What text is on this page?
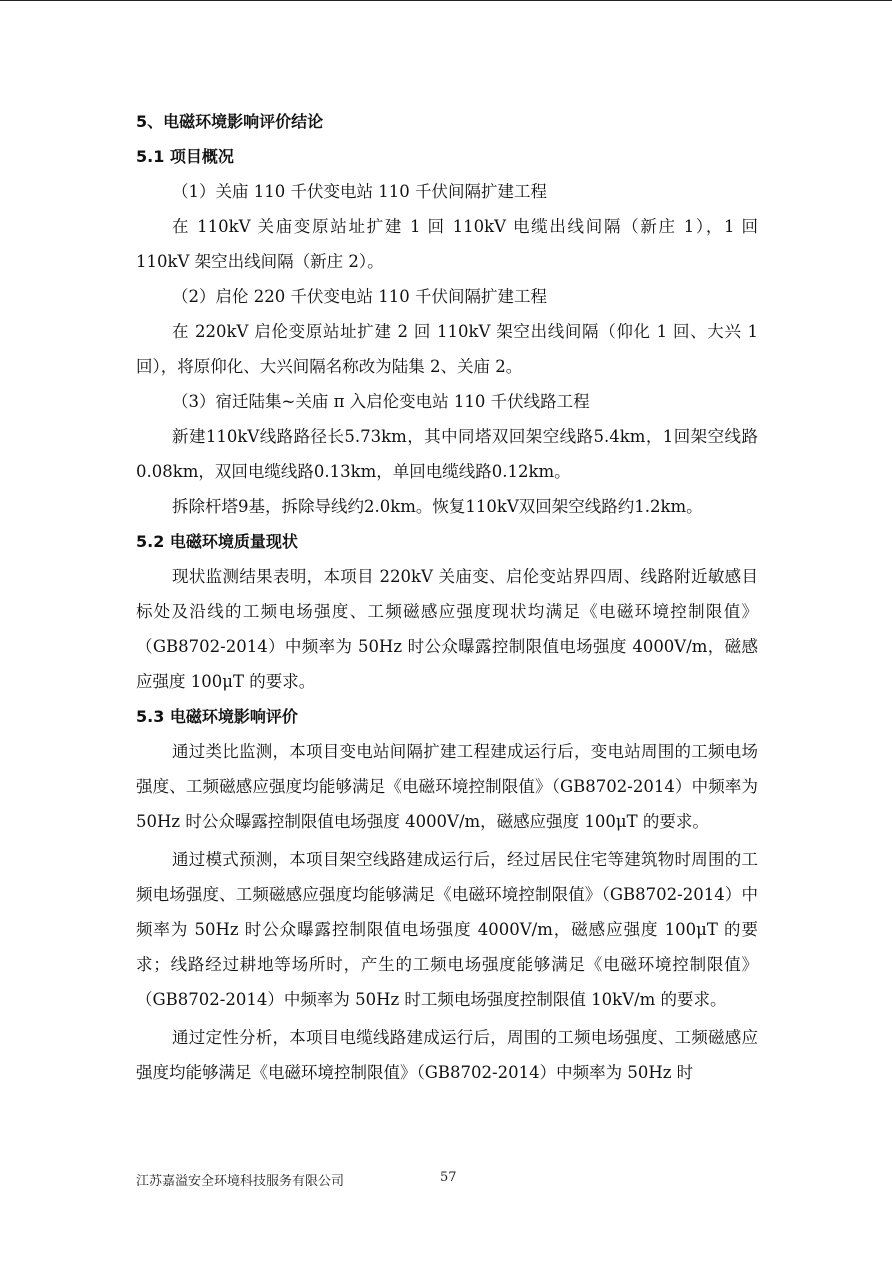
5、电磁环境影响评价结论

5.1 项目概况

（1）关庙 110 千伏变电站 110 千伏间隔扩建工程

在 110kV 关庙变原站址扩建 1 回 110kV 电缆出线间隔（新庄 1），1 回 110kV 架空出线间隔（新庄 2）。

（2）启伦 220 千伏变电站 110 千伏间隔扩建工程

在 220kV 启伦变原站址扩建 2 回 110kV 架空出线间隔（仰化 1 回、大兴 1 回），将原仰化、大兴间隔名称改为陆集 2、关庙 2。

（3）宿迁陆集~关庙 π 入启伦变电站 110 千伏线路工程

新建110kV线路路径长5.73km，其中同塔双回架空线路5.4km，1回架空线路0.08km，双回电缆线路0.13km，单回电缆线路0.12km。

拆除杆塔9基，拆除导线约2.0km。恢复110kV双回架空线路约1.2km。

5.2 电磁环境质量现状

现状监测结果表明，本项目 220kV 关庙变、启伦变站界四周、线路附近敏感目标处及沿线的工频电场强度、工频磁感应强度现状均满足《电磁环境控制限值》（GB8702-2014）中频率为 50Hz 时公众曝露控制限值电场强度 4000V/m，磁感应强度 100μT 的要求。

5.3 电磁环境影响评价

通过类比监测，本项目变电站间隔扩建工程建成运行后，变电站周围的工频电场强度、工频磁感应强度均能够满足《电磁环境控制限值》（GB8702-2014）中频率为 50Hz 时公众曝露控制限值电场强度 4000V/m，磁感应强度 100μT 的要求。

通过模式预测，本项目架空线路建成运行后，经过居民住宅等建筑物时周围的工频电场强度、工频磁感应强度均能够满足《电磁环境控制限值》（GB8702-2014）中频率为 50Hz 时公众曝露控制限值电场强度 4000V/m，磁感应强度 100μT 的要求；线路经过耕地等场所时，产生的工频电场强度能够满足《电磁环境控制限值》（GB8702-2014）中频率为 50Hz 时工频电场强度控制限值 10kV/m 的要求。

通过定性分析，本项目电缆线路建成运行后，周围的工频电场强度、工频磁感应强度均能够满足《电磁环境控制限值》（GB8702-2014）中频率为 50Hz 时

江苏嘉溢安全环境科技服务有限公司	57
